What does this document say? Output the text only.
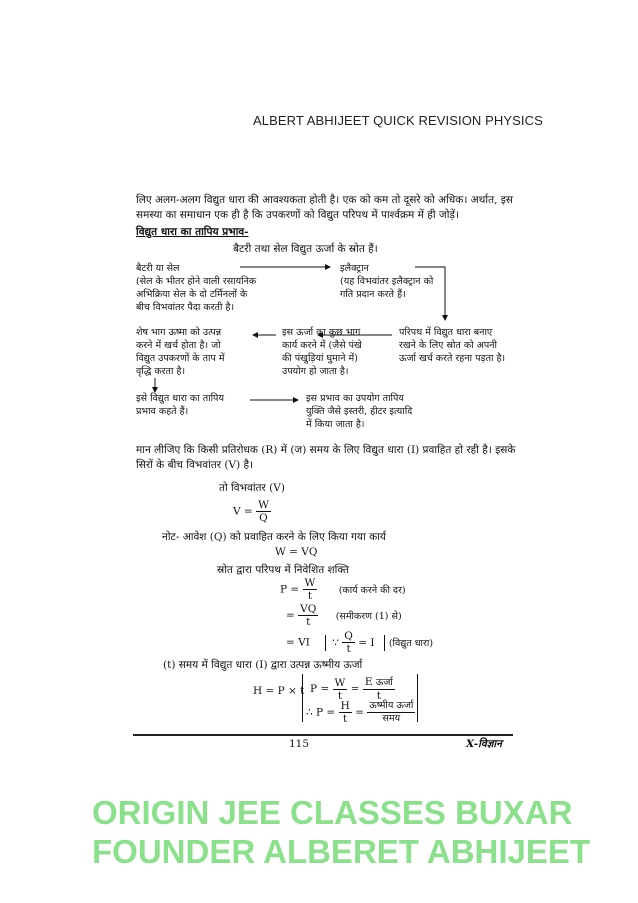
ALBERT ABHIJEET QUICK REVISION PHYSICS
लिए अलग-अलग विद्युत धारा की आवश्यकता होती है। एक को कम तो दूसरे को अधिक। अर्थात, इस
समस्या का समाधान एक ही है कि उपकरणों को विद्युत परिपथ में पार्श्वक्रम में ही जोड़ें।
विद्युत धारा का तापिय प्रभाव-
बैटरी तथा सेल विद्युत ऊर्जा के स्रोत हैं।
बैटरी या सेल
(सेल के भीतर होने वाली रसायनिक
अभिक्रिया सेल के दो टर्मिनलों के
बीच विभवांतर पैदा करती है।
इलैक्ट्रान
(यह विभवांतर इलैक्ट्रान को
गति प्रदान करते हैं।
शेष भाग ऊष्मा को उत्पन्न
करने में खर्च होता है। जो
विद्युत उपकरणों के ताप में
वृद्धि करता है।
इस ऊर्जा का कुछ भाग
कार्य करने में (जैसे पंखे
की पंखुड़ियां घुमाने में)
उपयोग हो जाता है।
परिपथ में विद्युत धारा बनाए
रखने के लिए स्रोत को अपनी
ऊर्जा खर्च करते रहना पड़ता है।
इसे विद्युत धारा का तापिय
प्रभाव कहते हैं।
इस प्रभाव का उपयोग तापिय
युक्ति जैसे इस्तरी, हीटर इत्यादि
में किया जाता है।
मान लीजिए कि किसी प्रतिरोधक (R) में (ज) समय के लिए विद्युत धारा (I) प्रवाहित हो रही है। इसके
सिरों के बीच विभवांतर (V) है।
तो विभवांतर (V)
$V = \frac{W}{Q}$
नोट- आवेश (Q) को प्रवाहित करने के लिए किया गया कार्य
W = VQ
स्रोत द्वारा परिपथ में निवेशित शक्ति
$P = \frac{W}{t}$ (कार्य करने की दर)
= $\frac{VQ}{t}$ (समीकरण (1) से)
= VI ∵ $\frac{Q}{t} = I$ (विद्युत धारा)
(t) समय में विद्युत धारा (I) द्वारा उत्पन्न ऊष्मीय ऊर्जा
H = P × t $P = \frac{W}{t} = \frac{\text{E ऊर्जा}}{t}$
∴ $P = \frac{H}{t} = \frac{\text{ऊष्मीय ऊर्जा}}{\text{समय}}$
115	X-विज्ञान
ORIGIN JEE CLASSES BUXAR
FOUNDER ALBERET ABHIJEET
